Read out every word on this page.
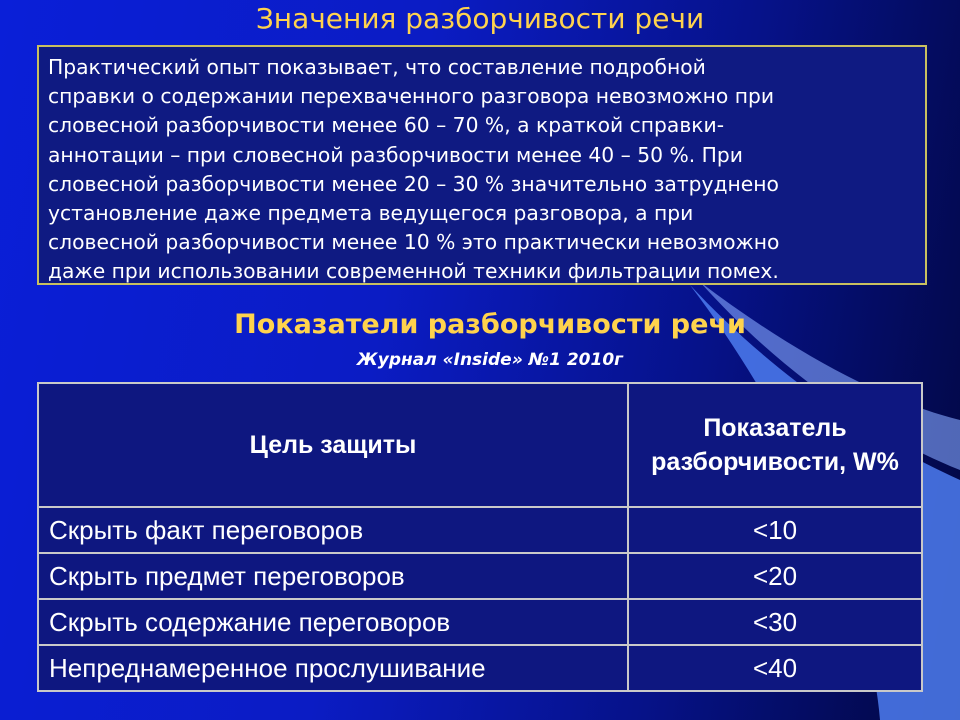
Значения разборчивости речи

Практический опыт показывает, что составление подробной
справки о содержании перехваченного разговора невозможно при
словесной разборчивости менее 60 – 70 %, а краткой справки-
аннотации – при словесной разборчивости менее 40 – 50 %. При
словесной разборчивости менее 20 – 30 % значительно затруднено
установление даже предмета ведущегося разговора, а при
словесной разборчивости менее 10 % это практически невозможно
даже при использовании современной техники фильтрации помех.

Показатели разборчивости речи
Журнал «Inside» №1 2010г
Цель защиты	Показатель разборчивости, W%
Скрыть факт переговоров	<10
Скрыть предмет переговоров	<20
Скрыть содержание переговоров	<30
Непреднамеренное прослушивание	<40
